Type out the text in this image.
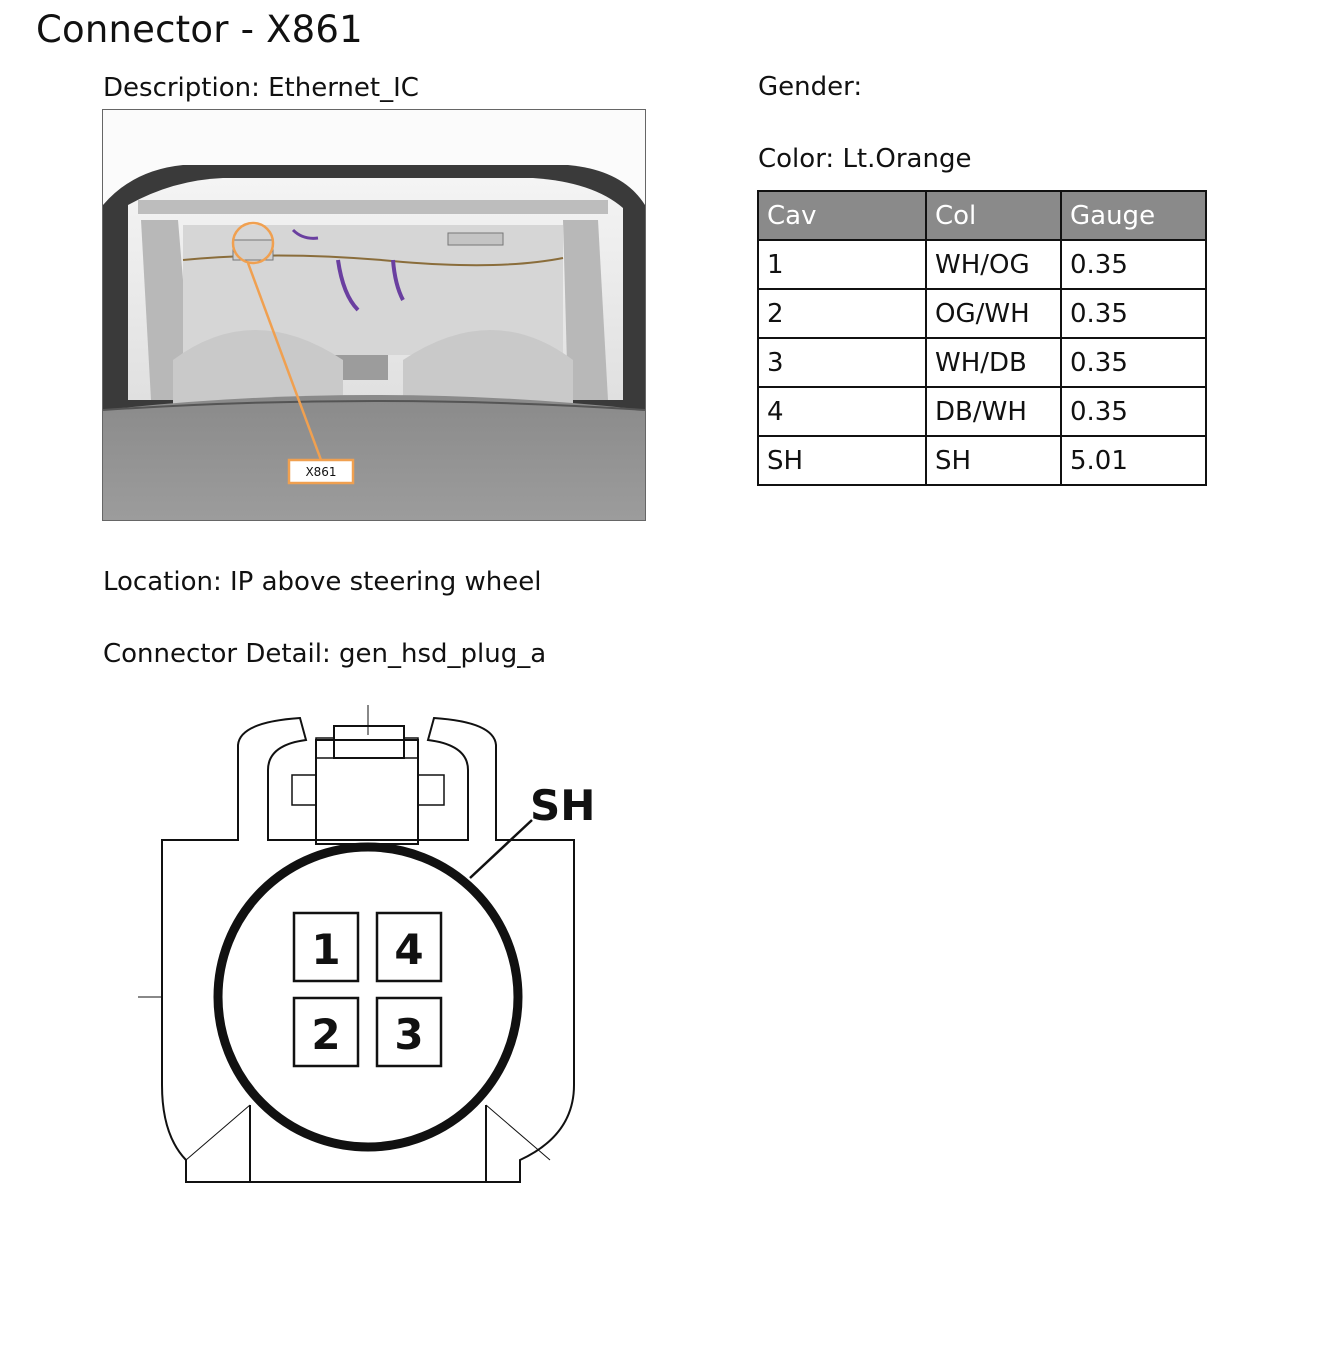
Connector - X861

Description: Ethernet_IC	Gender:

Color: Lt.Orange

X861
Cav	Col	Gauge
1	WH/OG	0.35
2	OG/WH	0.35
3	WH/DB	0.35
4	DB/WH	0.35
SH	SH	5.01

Location: IP above steering wheel

Connector Detail: gen_hsd_plug_a

1 4
2 3
SH
